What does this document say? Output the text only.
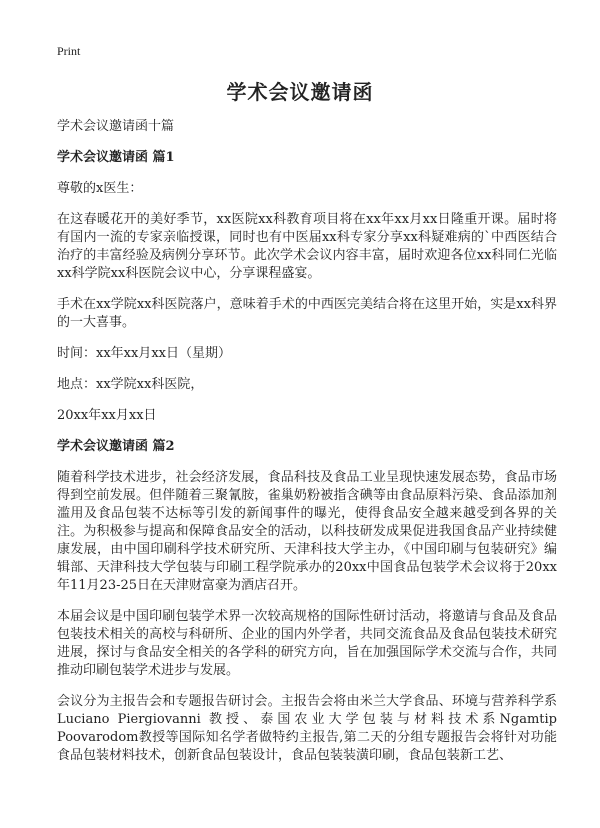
Print
学术会议邀请函

学术会议邀请函十篇

学术会议邀请函 篇1

尊敬的x医生：

在这春暖花开的美好季节，xx医院xx科教育项目将在xx年xx月xx日隆重开课。届时将有国内一流的专家亲临授课，同时也有中医届xx科专家分享xx科疑难病的`中西医结合治疗的丰富经验及病例分享环节。此次学术会议内容丰富，届时欢迎各位xx科同仁光临xx科学院xx科医院会议中心，分享课程盛宴。

手术在xx学院xx科医院落户，意味着手术的中西医完美结合将在这里开始，实是xx科界的一大喜事。

时间：xx年xx月xx日（星期）

地点：xx学院xx科医院，

20xx年xx月xx日

学术会议邀请函 篇2

随着科学技术进步，社会经济发展，食品科技及食品工业呈现快速发展态势，食品市场得到空前发展。但伴随着三聚氰胺，雀巢奶粉被指含碘等由食品原料污染、食品添加剂滥用及食品包装不达标等引发的新闻事件的曝光，使得食品安全越来越受到各界的关注。为积极参与提高和保障食品安全的活动，以科技研发成果促进我国食品产业持续健康发展，由中国印刷科学技术研究所、天津科技大学主办，《中国印刷与包装研究》编辑部、天津科技大学包装与印刷工程学院承办的20xx中国食品包装学术会议将于20xx年11月23-25日在天津财富豪为酒店召开。

本届会议是中国印刷包装学术界一次较高规格的国际性研讨活动，将邀请与食品及食品包装技术相关的高校与科研所、企业的国内外学者，共同交流食品及食品包装技术研究进展，探讨与食品安全相关的各学科的研究方向，旨在加强国际学术交流与合作，共同推动印刷包装学术进步与发展。

会议分为主报告会和专题报告研讨会。主报告会将由米兰大学食品、环境与营养科学系Luciano Piergiovanni 教授、泰国农业大学包装与材料技术系Ngamtip Poovarodom教授等国际知名学者做特约主报告,第二天的分组专题报告会将针对功能食品包装材料技术，创新食品包装设计，食品包装装潢印刷，食品包装新工艺、
